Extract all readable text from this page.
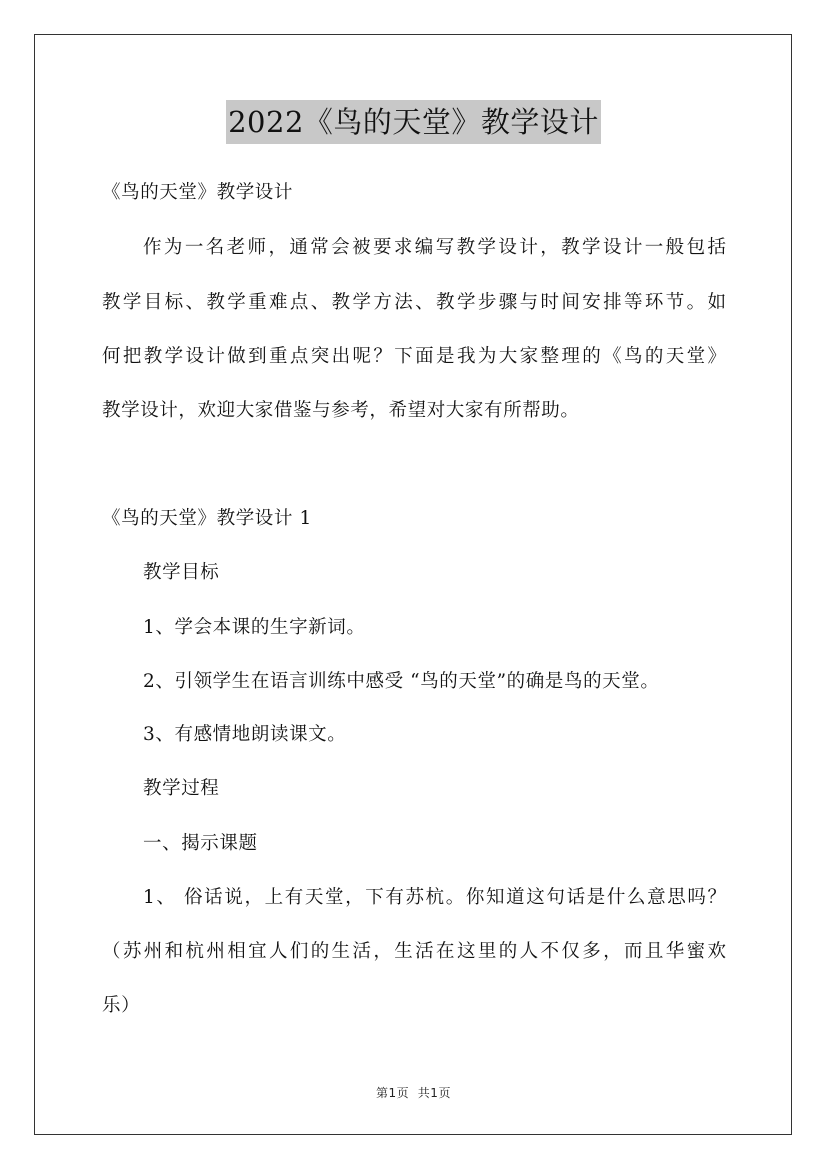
2022《鸟的天堂》教学设计
《鸟的天堂》教学设计
作为一名老师，通常会被要求编写教学设计，教学设计一般包括
教学目标、教学重难点、教学方法、教学步骤与时间安排等环节。如
何把教学设计做到重点突出呢？下面是我为大家整理的《鸟的天堂》
教学设计，欢迎大家借鉴与参考，希望对大家有所帮助。
《鸟的天堂》教学设计 1
教学目标
1、学会本课的生字新词。
2、引领学生在语言训练中感受 “鸟的天堂”的确是鸟的天堂。
3、有感情地朗读课文。
教学过程
一、揭示课题
1、 俗话说，上有天堂，下有苏杭。你知道这句话是什么意思吗？
（苏州和杭州相宜人们的生活，生活在这里的人不仅多，而且华蜜欢
乐）
第1页  共1页
